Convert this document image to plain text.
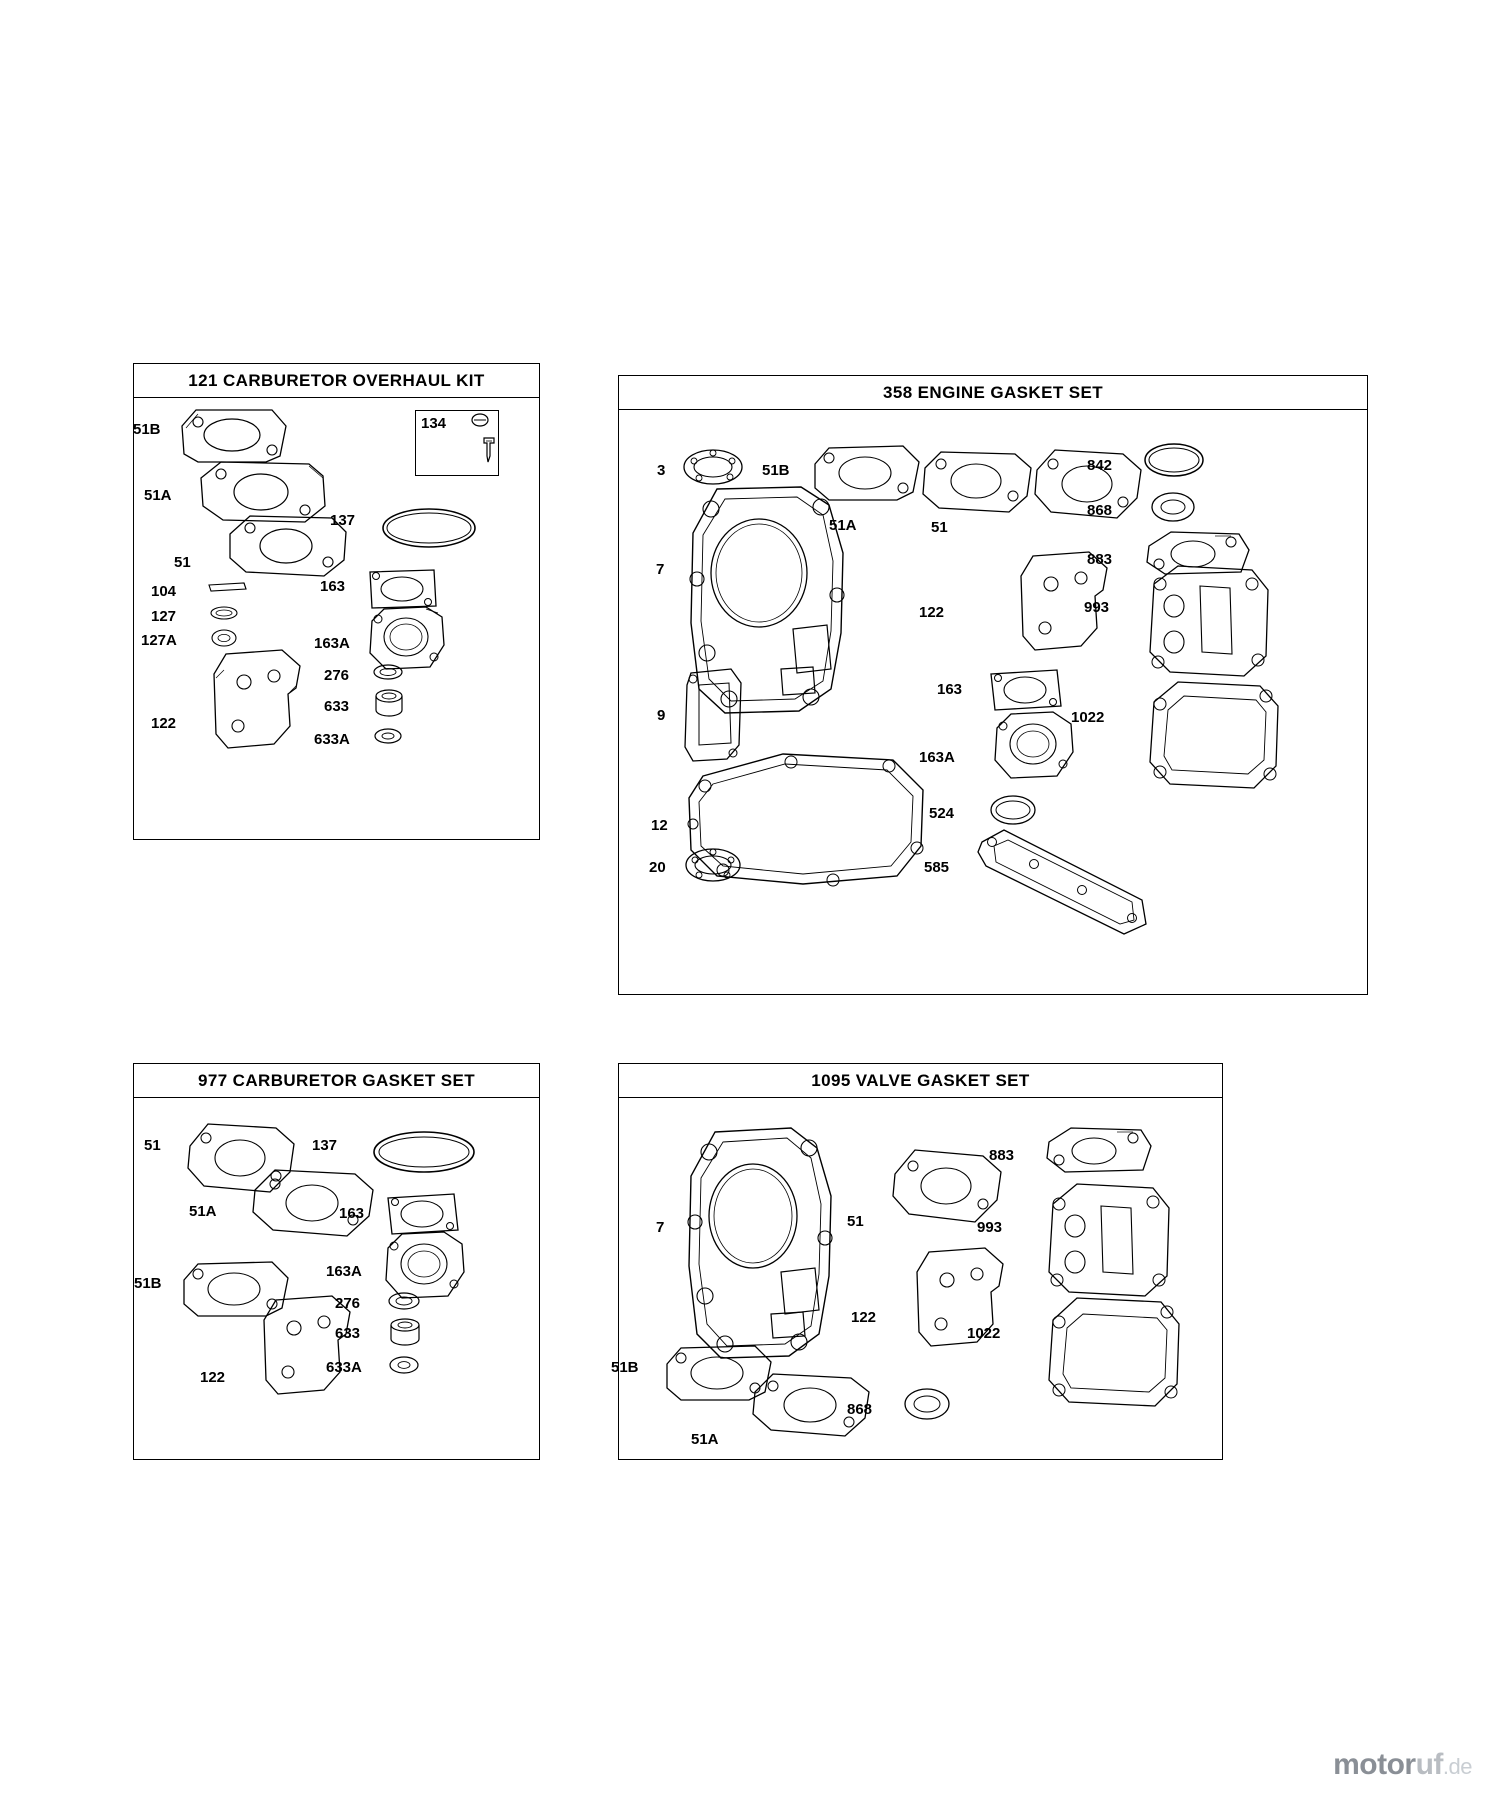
121 CARBURETOR OVERHAUL KIT
134
51B
51A
51
104
127
127A
122
137
163
163A
276
633
633A
358 ENGINE GASKET SET
3
7
9
12
20
51B
51A	51
122
163
163A
524
585
842
868
883
993
1022
977 CARBURETOR GASKET SET
51
51A
51B
122
137
163
163A
276
633
633A
1095 VALVE GASKET SET
7	51
122
51B
51A
868
883
993
1022
motoruf.de
